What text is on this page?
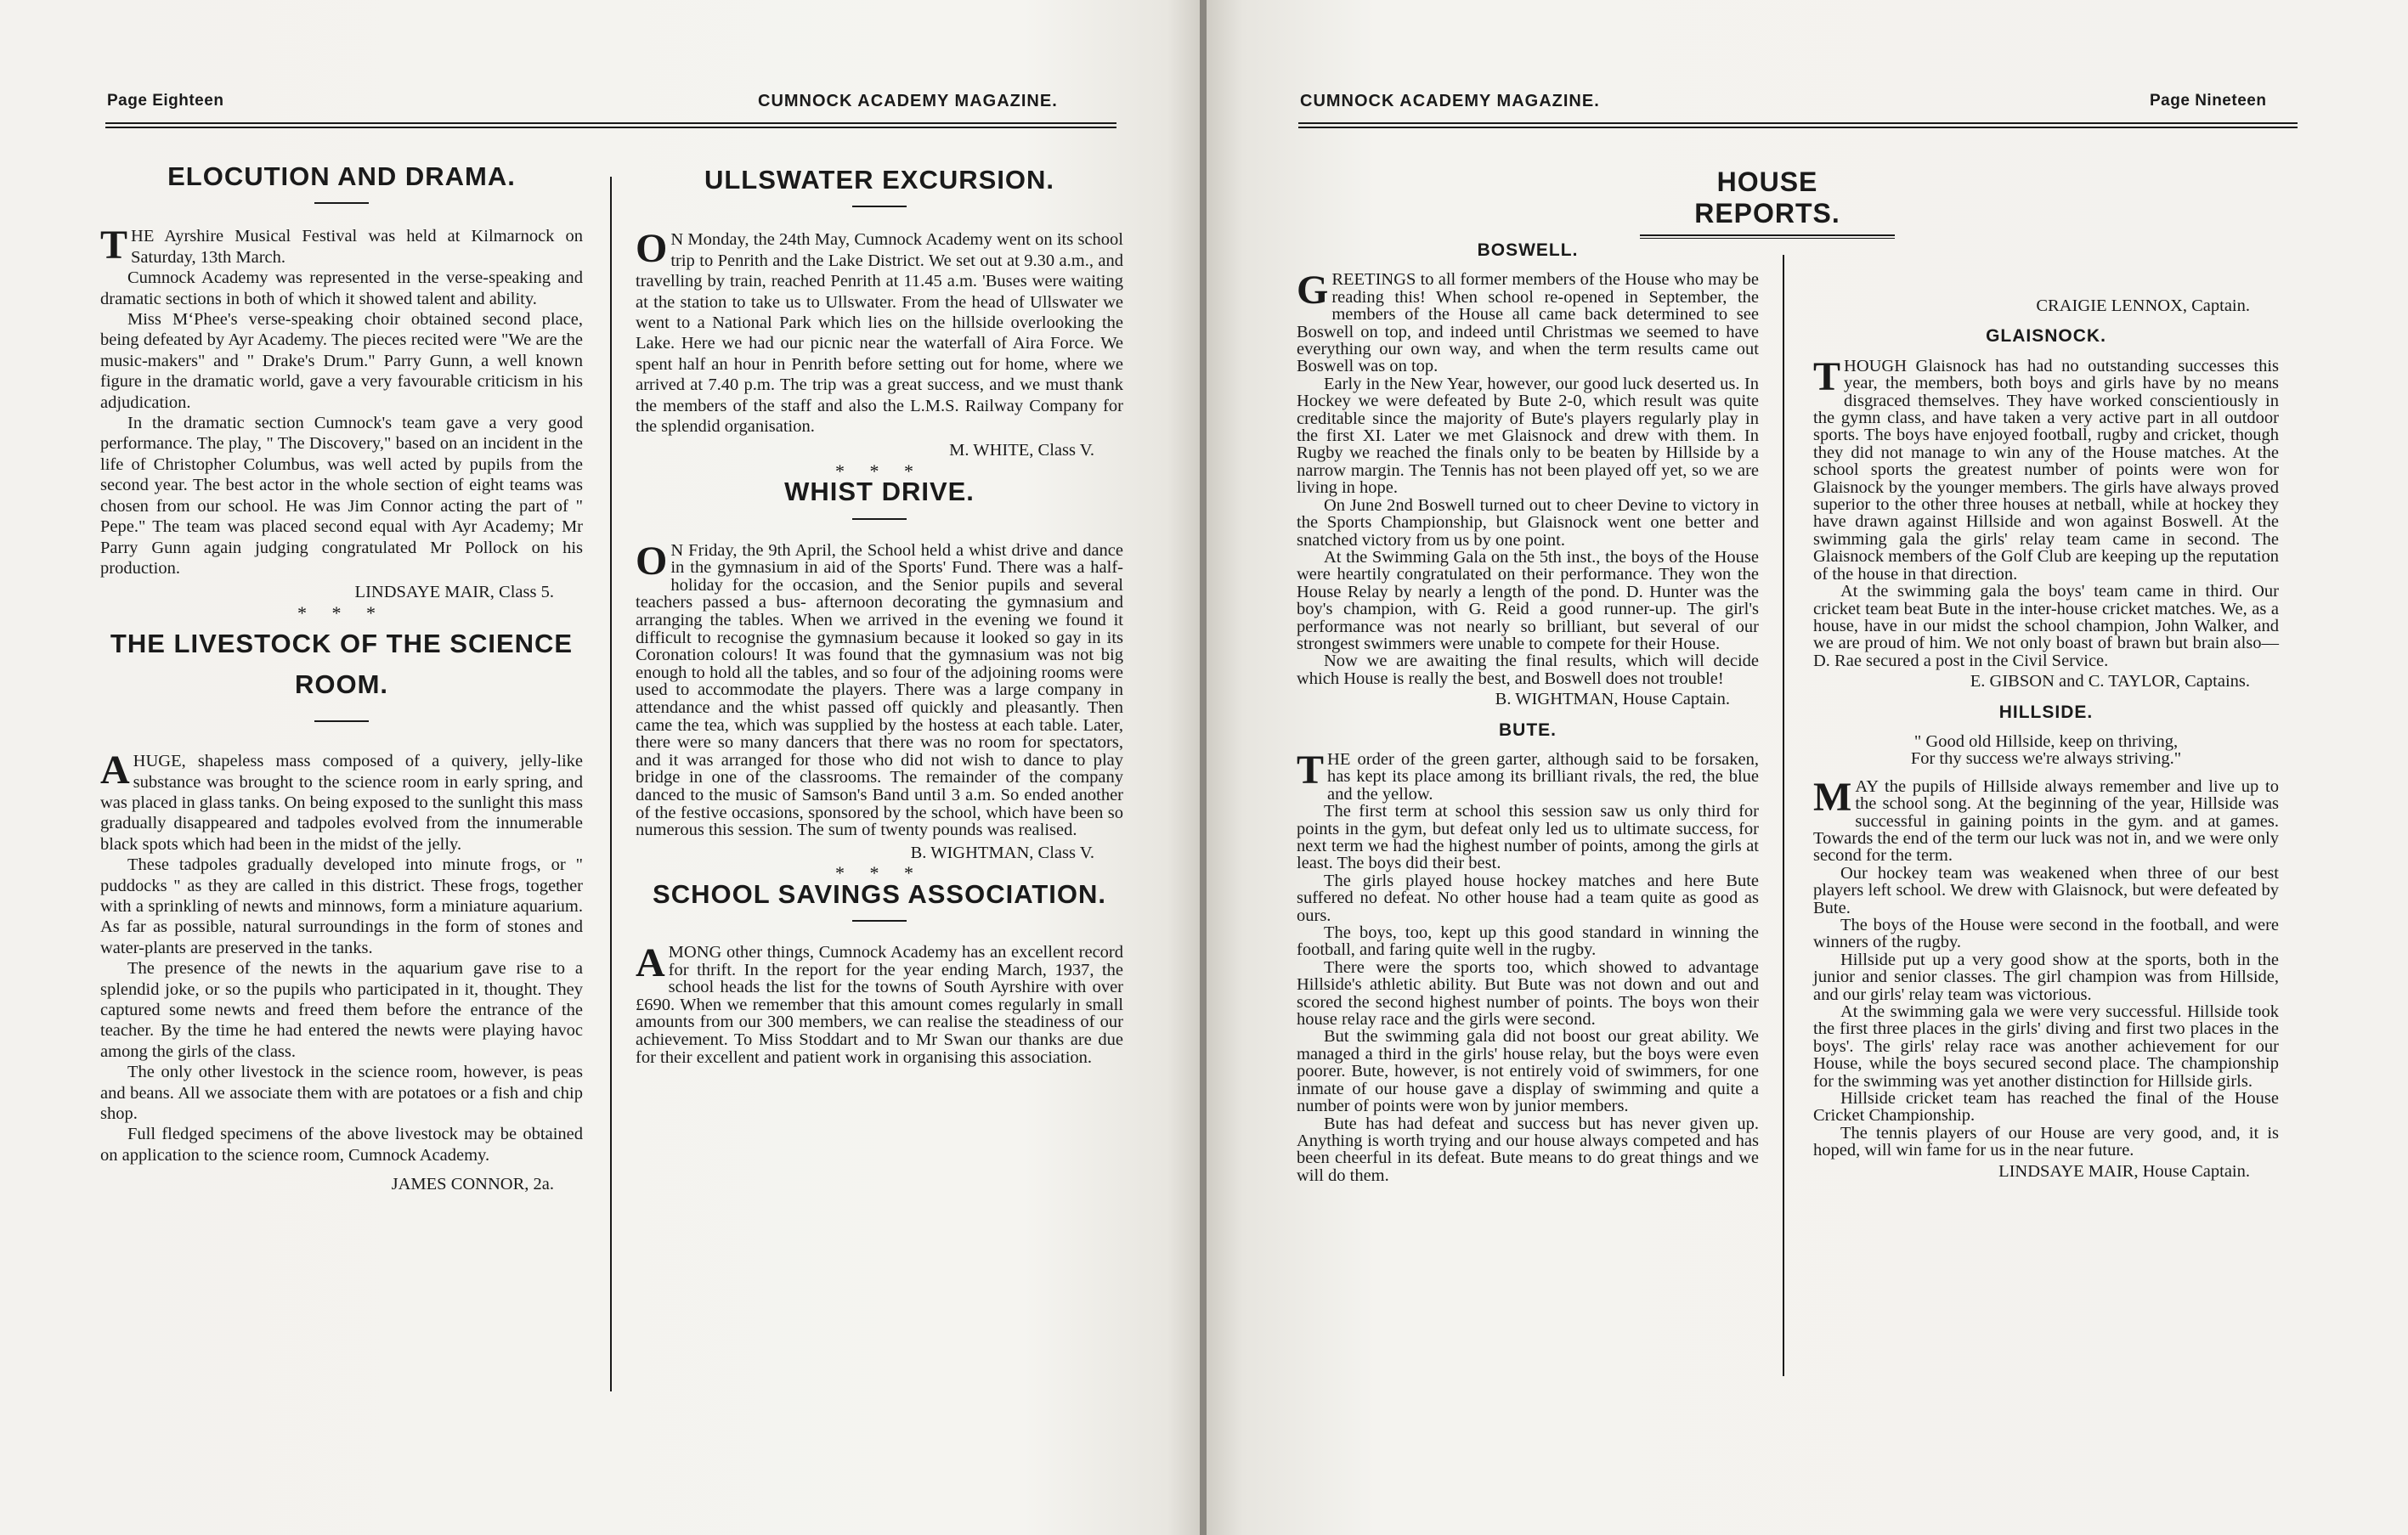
Page Eighteen	CUMNOCK ACADEMY MAGAZINE.
ELOCUTION AND DRAMA.

THE Ayrshire Musical Festival was held at Kilmarnock on Saturday, 13th March.

Cumnock Academy was represented in the verse-speaking and dramatic sections in both of which it showed talent and ability.

Miss M‘Phee's verse-speaking choir obtained second place, being defeated by Ayr Academy. The pieces recited were "We are the music-makers" and " Drake's Drum." Parry Gunn, a well known figure in the dramatic world, gave a very favourable criticism in his adjudication.

In the dramatic section Cumnock's team gave a very good performance. The play, " The Discovery," based on an incident in the life of Christopher Columbus, was well acted by pupils from the second year. The best actor in the whole section of eight teams was chosen from our school. He was Jim Connor acting the part of " Pepe." The team was placed second equal with Ayr Academy; Mr Parry Gunn again judging congratulated Mr Pollock on his production.

LINDSAYE MAIR, Class 5.

* * *

THE LIVESTOCK OF THE SCIENCE
ROOM.

AHUGE, shapeless mass composed of a quivery, jelly-like substance was brought to the science room in early spring, and was placed in glass tanks. On being exposed to the sunlight this mass gradually disappeared and tadpoles evolved from the innumerable black spots which had been in the midst of the jelly.

These tadpoles gradually developed into minute frogs, or " puddocks " as they are called in this district. These frogs, together with a sprinkling of newts and minnows, form a miniature aquarium. As far as possible, natural surroundings in the form of stones and water-plants are preserved in the tanks.

The presence of the newts in the aquarium gave rise to a splendid joke, or so the pupils who participated in it, thought. They captured some newts and freed them before the entrance of the teacher. By the time he had entered the newts were playing havoc among the girls of the class.

The only other livestock in the science room, however, is peas and beans. All we associate them with are potatoes or a fish and chip shop.

Full fledged specimens of the above livestock may be obtained on application to the science room, Cumnock Academy.

JAMES CONNOR, 2a.

ULLSWATER EXCURSION.

O N Monday, the 24th May, Cumnock Academy went on its school trip to Penrith and the Lake District. We set out at 9.30 a.m., and travelling by train, reached Penrith at 11.45 a.m. 'Buses were waiting at the station to take us to Ullswater. From the head of Ullswater we went to a National Park which lies on the hillside overlooking the Lake. Here we had our picnic near the waterfall of Aira Force. We spent half an hour in Penrith before setting out for home, where we arrived at 7.40 p.m. The trip was a great success, and we must thank the members of the staff and also the L.M.S. Railway Company for the splendid organisation.

M. WHITE, Class V.

* * *

WHIST DRIVE.

O N Friday, the 9th April, the School held a whist drive and dance in the gymnasium in aid of the Sports' Fund. There was a half-holiday for the occasion, and the Senior pupils and several teachers passed a bus- afternoon decorating the gymnasium and arranging the tables. When we arrived in the evening we found it difficult to recognise the gymnasium because it looked so gay in its Coronation colours! It was found that the gymnasium was not big enough to hold all the tables, and so four of the adjoining rooms were used to accommodate the players. There was a large company in attendance and the whist passed off quickly and pleasantly. Then came the tea, which was supplied by the hostess at each table. Later, there were so many dancers that there was no room for spectators, and it was arranged for those who did not wish to dance to play bridge in one of the classrooms. The remainder of the company danced to the music of Samson's Band until 3 a.m. So ended another of the festive occasions, sponsored by the school, which have been so numerous this session. The sum of twenty pounds was realised.

B. WIGHTMAN, Class V.

* * *

SCHOOL SAVINGS ASSOCIATION.

AMONG other things, Cumnock Academy has an excellent record for thrift. In the report for the year ending March, 1937, the school heads the list for the towns of South Ayrshire with over £690. When we remember that this amount comes regularly in small amounts from our 300 members, we can realise the steadiness of our achievement. To Miss Stoddart and to Mr Swan our thanks are due for their excellent and patient work in organising this association.

CUMNOCK ACADEMY MAGAZINE.	Page Nineteen
HOUSE REPORTS.
BOSWELL.

GREETINGS to all former members of the House who may be reading this! When school re-opened in September, the members of the House all came back determined to see Boswell on top, and indeed until Christmas we seemed to have everything our own way, and when the term results came out Boswell was on top.

Early in the New Year, however, our good luck deserted us. In Hockey we were defeated by Bute 2-0, which result was quite creditable since the majority of Bute's players regularly play in the first XI. Later we met Glaisnock and drew with them. In Rugby we reached the finals only to be beaten by Hillside by a narrow margin. The Tennis has not been played off yet, so we are living in hope.

On June 2nd Boswell turned out to cheer Devine to victory in the Sports Championship, but Glaisnock went one better and snatched victory from us by one point.

At the Swimming Gala on the 5th inst., the boys of the House were heartily congratulated on their performance. They won the House Relay by nearly a length of the pond. D. Hunter was the boy's champion, with G. Reid a good runner-up. The girl's performance was not nearly so brilliant, but several of our strongest swimmers were unable to compete for their House.

Now we are awaiting the final results, which will decide which House is really the best, and Boswell does not trouble!

B. WIGHTMAN, House Captain.

BUTE.

THE order of the green garter, although said to be forsaken, has kept its place among its brilliant rivals, the red, the blue and the yellow.

The first term at school this session saw us only third for points in the gym, but defeat only led us to ultimate success, for next term we had the highest number of points, among the girls at least. The boys did their best.

The girls played house hockey matches and here Bute suffered no defeat. No other house had a team quite as good as ours.

The boys, too, kept up this good standard in winning the football, and faring quite well in the rugby.

There were the sports too, which showed to advantage Hillside's athletic ability. But Bute was not down and out and scored the second highest number of points. The boys won their house relay race and the girls were second.

But the swimming gala did not boost our great ability. We managed a third in the girls' house relay, but the boys were even poorer. Bute, however, is not entirely void of swimmers, for one inmate of our house gave a display of swimming and quite a number of points were won by junior members.

Bute has had defeat and success but has never given up. Anything is worth trying and our house always competed and has been cheerful in its defeat. Bute means to do great things and we will do them.

CRAIGIE LENNOX, Captain.

GLAISNOCK.

THOUGH Glaisnock has had no outstanding successes this year, the members, both boys and girls have by no means disgraced themselves. They have worked conscientiously in the gymn class, and have taken a very active part in all outdoor sports. The boys have enjoyed football, rugby and cricket, though they did not manage to win any of the House matches. At the school sports the greatest number of points were won for Glaisnock by the younger members. The girls have always proved superior to the other three houses at netball, while at hockey they have drawn against Hillside and won against Boswell. At the swimming gala the girls' relay team came in second. The Glaisnock members of the Golf Club are keeping up the reputation of the house in that direction.

At the swimming gala the boys' team came in third. Our cricket team beat Bute in the inter-house cricket matches. We, as a house, have in our midst the school champion, John Walker, and we are proud of him. We not only boast of brawn but brain also—D. Rae secured a post in the Civil Service.

E. GIBSON and C. TAYLOR, Captains.

HILLSIDE.

" Good old Hillside, keep on thriving,

For thy success we're always striving."

MAY the pupils of Hillside always remember and live up to the school song. At the beginning of the year, Hillside was successful in gaining points in the gym. and at games. Towards the end of the term our luck was not in, and we were only second for the term.

Our hockey team was weakened when three of our best players left school. We drew with Glaisnock, but were defeated by Bute.

The boys of the House were second in the football, and were winners of the rugby.

Hillside put up a very good show at the sports, both in the junior and senior classes. The girl champion was from Hillside, and our girls' relay team was victorious.

At the swimming gala we were very successful. Hillside took the first three places in the girls' diving and first two places in the boys'. The girls' relay race was another achievement for our House, while the boys secured second place. The championship for the swimming was yet another distinction for Hillside girls.

Hillside cricket team has reached the final of the House Cricket Championship.

The tennis players of our House are very good, and, it is hoped, will win fame for us in the near future.

LINDSAYE MAIR, House Captain.
